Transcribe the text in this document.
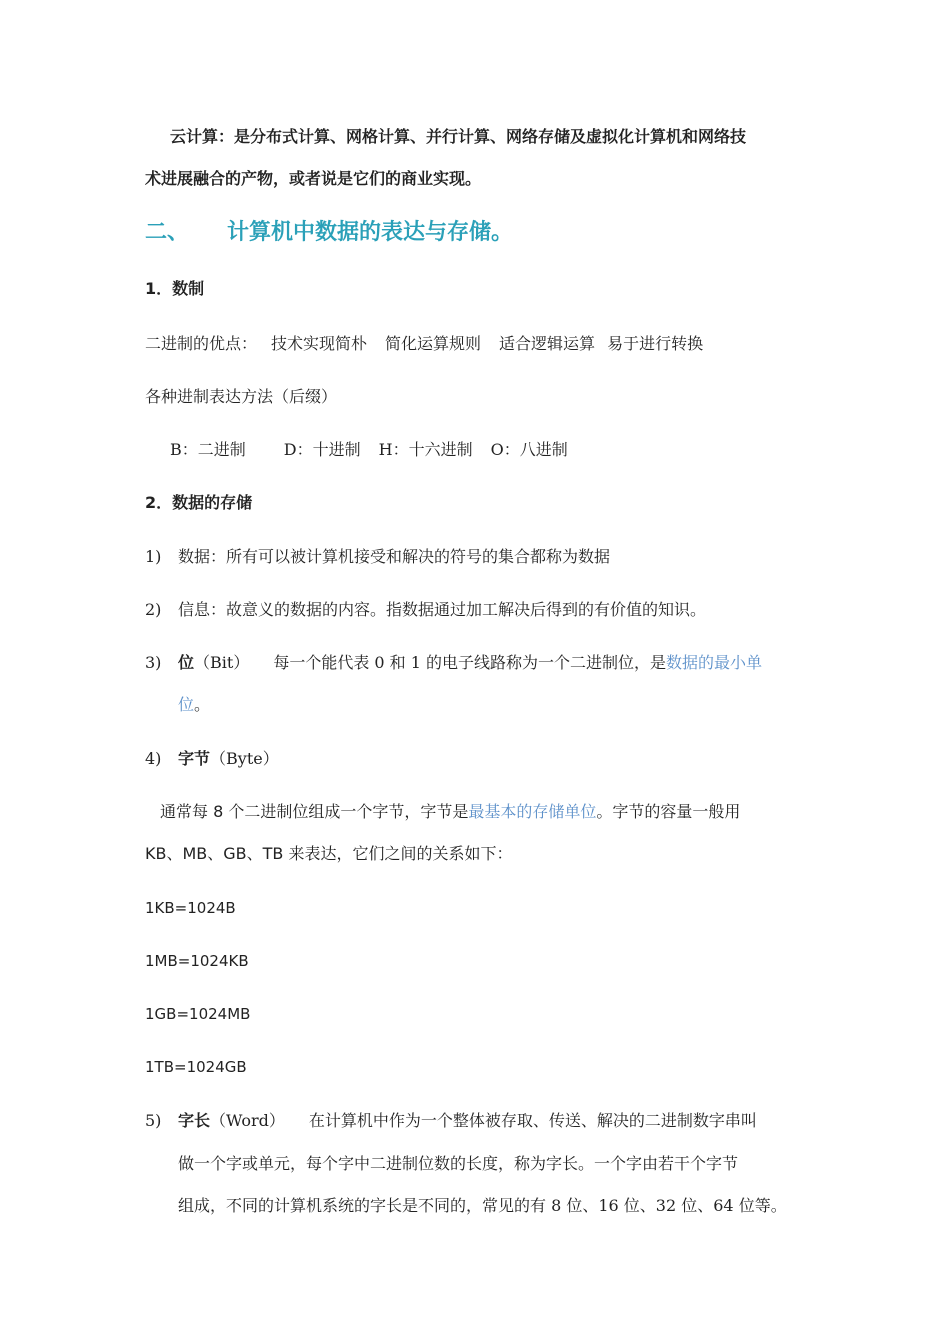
云计算：是分布式计算、网格计算、并行计算、网络存储及虚拟化计算机和网络技
术进展融合的产物，或者说是它们的商业实现。
二、 计算机中数据的表达与存储。
1．数制
二进制的优点： 技术实现简朴 简化运算规则 适合逻辑运算 易于进行转换
各种进制表达方法（后缀）
B：二进制 D：十进制 H：十六进制 O：八进制
2．数据的存储
1) 数据：所有可以被计算机接受和解决的符号的集合都称为数据
2) 信息：故意义的数据的内容。指数据通过加工解决后得到的有价值的知识。
3) 位（Bit） 每一个能代表 0 和 1 的电子线路称为一个二进制位，是数据的最小单
位。
4) 字节（Byte）
通常每 8 个二进制位组成一个字节，字节是最基本的存储单位。字节的容量一般用
KB、MB、GB、TB 来表达，它们之间的关系如下：
1KB=1024B
1MB=1024KB
1GB=1024MB
1TB=1024GB
5) 字长（Word） 在计算机中作为一个整体被存取、传送、解决的二进制数字串叫
做一个字或单元，每个字中二进制位数的长度，称为字长。一个字由若干个字节
组成，不同的计算机系统的字长是不同的，常见的有 8 位、16 位、32 位、64 位等。
